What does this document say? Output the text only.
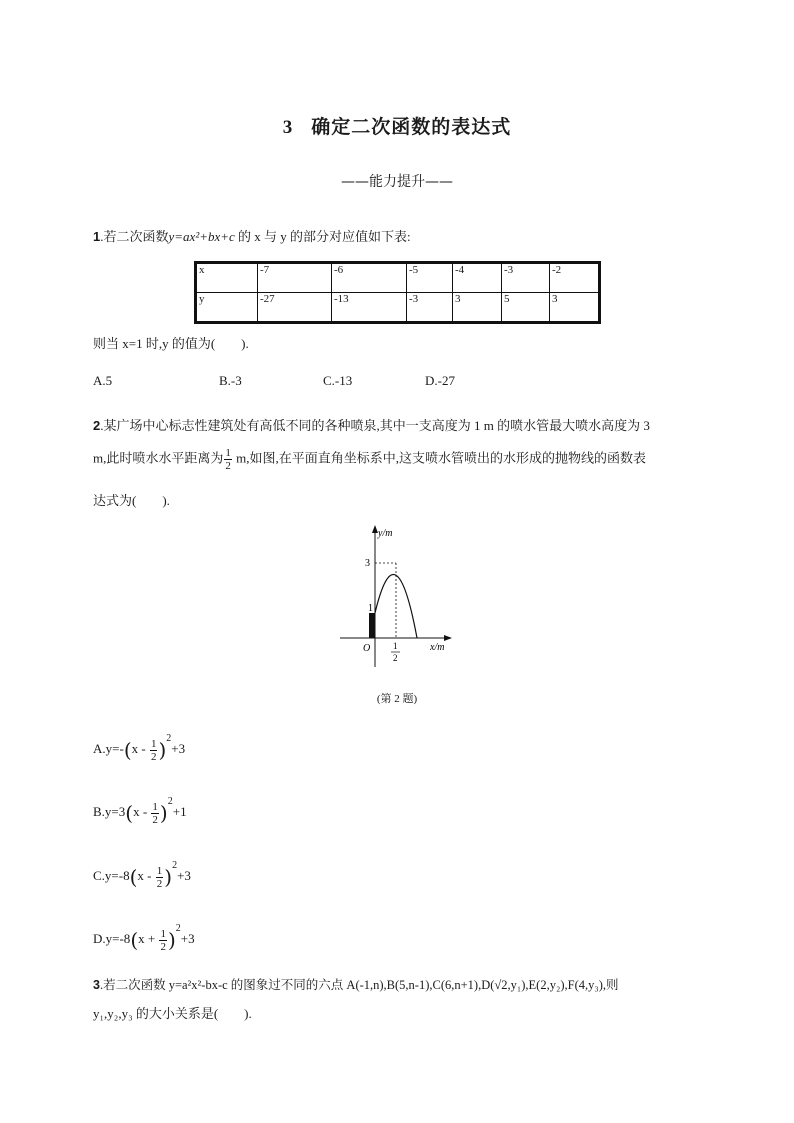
3 确定二次函数的表达式
——能力提升——
1.若二次函数y=ax²+bx+c 的 x 与 y 的部分对应值如下表:
x	-7	-6	-5	-4	-3	-2
y	-27	-13	-3	3	5	3
则当 x=1 时,y 的值为(　　).
A.5	B.-3	C.-13	D.-27
2.某广场中心标志性建筑处有高低不同的各种喷泉,其中一支高度为 1 m 的喷水管最大喷水高度为 3
m,此时喷水水平距离为 $\frac{1}{2} m$,如图,在平面直角坐标系中,这支喷水管喷出的水形成的抛物线的函数表
达式为(　　).
y/m
x/m
3
1
O	1
2
(第 2 题)
$A.y=-(x - \frac{1}{2} )^2+3$
$B.y=3(x - \frac{1}{2} )^2+1$
$C.y=-8(x - \frac{1}{2} )^2+3$
$D.y=-8(x + \frac{1}{2} )^2+3$
3.若二次函数 y=a²x²-bx-c 的图象过不同的六点 A(-1,n),B(5,n-1),C(6,n+1),D(√2,y₁),E(2,y₂),F(4,y₃),则
y₁,y₂,y₃ 的大小关系是(　　).
